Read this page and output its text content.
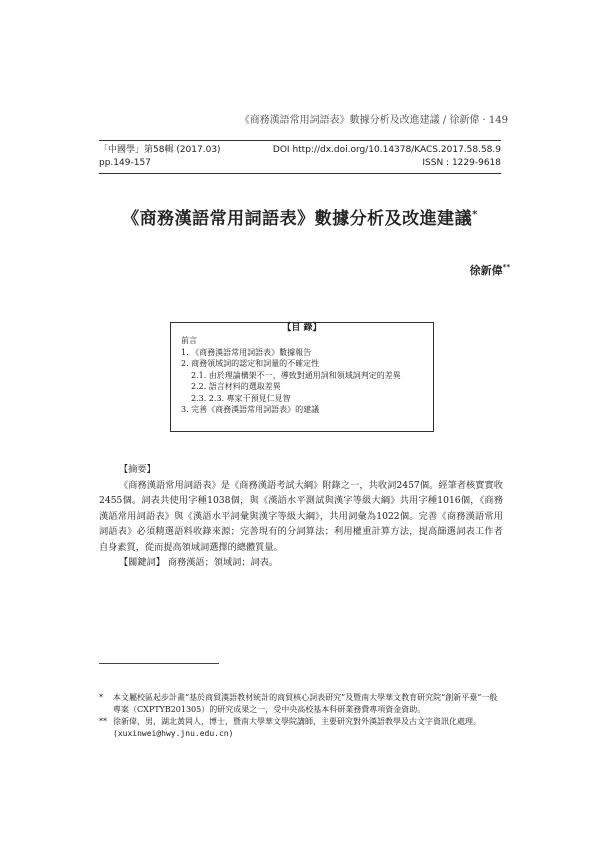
《商務漢語常用詞語表》數據分析及改進建議 / 徐新偉 · 149
「中國學」第58輯 (2017.03)	DOI http://dx.doi.org/10.14378/KACS.2017.58.58.9
pp.149-157	ISSN : 1229-9618
《商務漢語常用詞語表》數據分析及改進建議*
徐新偉**
【目 錄】
前言
1. 《商務漢語常用詞語表》數據報告
2. 商務領域詞的認定和詞量的不確定性
2.1. 由於理論構架不一，導致對通用詞和領域詞判定的差異
2.2. 語言材料的選取差異
2.3. 2.3. 專家干預見仁見智
3. 完善《商務漢語常用詞語表》的建議
【摘要】

《商務漢語常用詞語表》是《商務漢語考試大綱》附錄之一，共收詞2457個。經筆者核實實收2455個。詞表共使用字種1038個，與《漢語水平測試與漢字等級大綱》共用字種1016個，《商務漢語常用詞語表》與《漢語水平詞彙與漢字等級大綱》，共用詞彙為1022個。完善《商務漢語常用詞語表》必須精選語料收錄來源；完善現有的分詞算法；利用權重計算方法，提高篩選詞表工作者自身素質，從而提高領域詞選擇的總體質量。

【關鍵詞】 商務漢語；領域詞；詞表。
*	本文屬校區起步計畫“基於商貿漢語教材統計的商貿核心詞表研究”及暨南大學華文教育研究院“創新平臺”一般專案（CXPTYB201305）的研究成果之一，受中央高校基本科研業務費專項資金資助。
** 徐新偉，男，湖北黃岡人，博士，暨南大學華文學院講師，主要研究對外漢語教學及古文字資訊化處理。
(xuxinwei@hwy.jnu.edu.cn)
